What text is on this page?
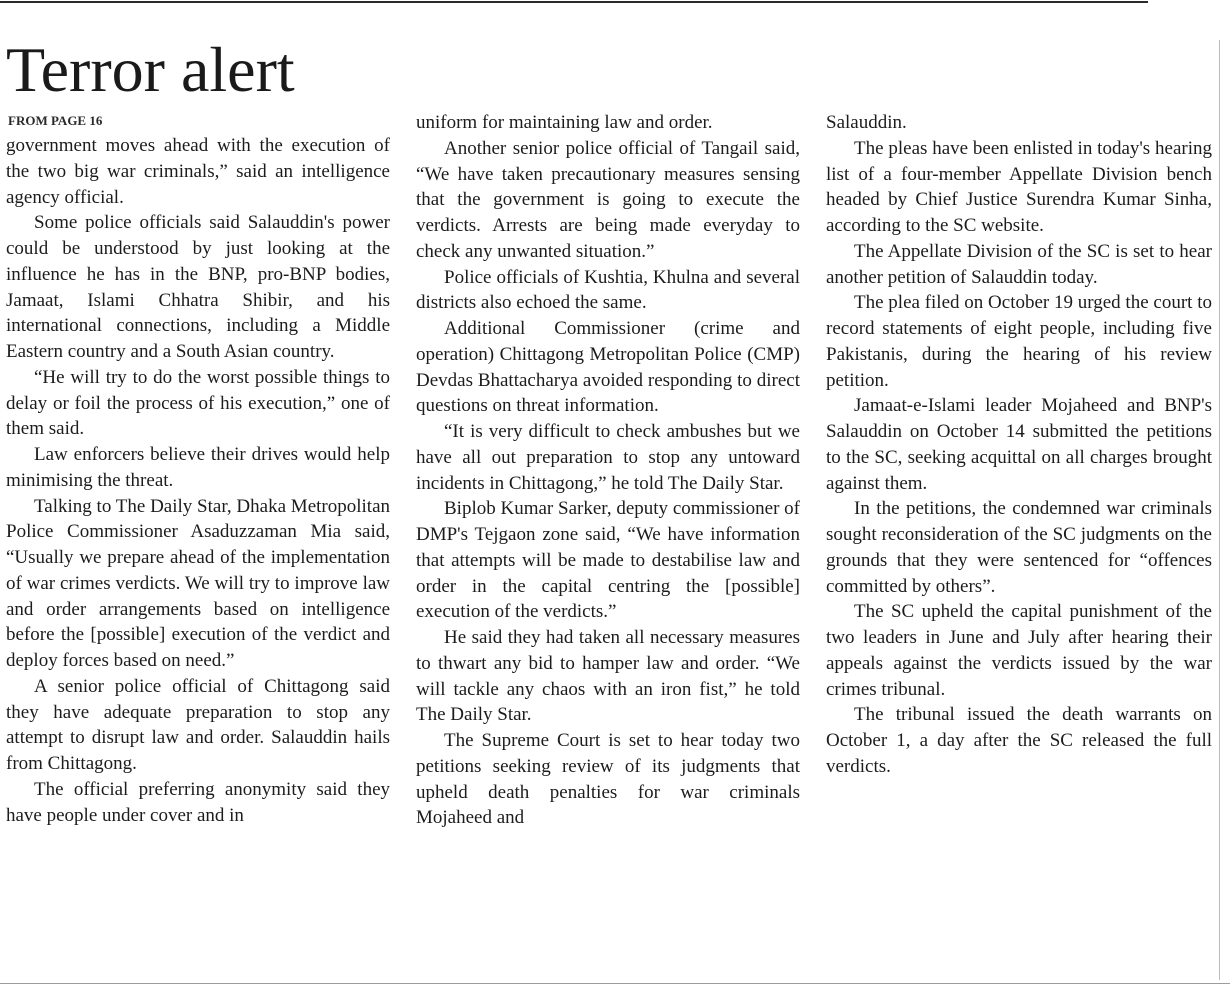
Terror alert
FROM PAGE 16

government moves ahead with the execution of the two big war criminals,” said an intelligence agency official.

Some police officials said Salauddin's power could be understood by just looking at the influence he has in the BNP, pro-BNP bodies, Jamaat, Islami Chhatra Shibir, and his international connections, including a Middle Eastern country and a South Asian country.

“He will try to do the worst possible things to delay or foil the process of his execution,” one of them said.

Law enforcers believe their drives would help minimising the threat.

Talking to The Daily Star, Dhaka Metropolitan Police Commissioner Asaduzzaman Mia said, “Usually we prepare ahead of the implementation of war crimes verdicts. We will try to improve law and order arrangements based on intelligence before the [possible] execution of the verdict and deploy forces based on need.”

A senior police official of Chittagong said they have adequate preparation to stop any attempt to disrupt law and order. Salauddin hails from Chittagong.

The official preferring anonymity said they have people under cover and in

uniform for maintaining law and order.

Another senior police official of Tangail said, “We have taken precautionary measures sensing that the government is going to execute the verdicts. Arrests are being made everyday to check any unwanted situation.”

Police officials of Kushtia, Khulna and several districts also echoed the same.

Additional Commissioner (crime and operation) Chittagong Metropolitan Police (CMP) Devdas Bhattacharya avoided responding to direct questions on threat information.

“It is very difficult to check ambushes but we have all out preparation to stop any untoward incidents in Chittagong,” he told The Daily Star.

Biplob Kumar Sarker, deputy commissioner of DMP's Tejgaon zone said, “We have information that attempts will be made to destabilise law and order in the capital centring the [possible] execution of the verdicts.”

He said they had taken all necessary measures to thwart any bid to hamper law and order. “We will tackle any chaos with an iron fist,” he told The Daily Star.

The Supreme Court is set to hear today two petitions seeking review of its judgments that upheld death penalties for war criminals Mojaheed and

Salauddin.

The pleas have been enlisted in today's hearing list of a four-member Appellate Division bench headed by Chief Justice Surendra Kumar Sinha, according to the SC website.

The Appellate Division of the SC is set to hear another petition of Salauddin today.

The plea filed on October 19 urged the court to record statements of eight people, including five Pakistanis, during the hearing of his review petition.

Jamaat-e-Islami leader Mojaheed and BNP's Salauddin on October 14 submitted the petitions to the SC, seeking acquittal on all charges brought against them.

In the petitions, the condemned war criminals sought reconsideration of the SC judgments on the grounds that they were sentenced for “offences committed by others”.

The SC upheld the capital punishment of the two leaders in June and July after hearing their appeals against the verdicts issued by the war crimes tribunal.

The tribunal issued the death warrants on October 1, a day after the SC released the full verdicts.
